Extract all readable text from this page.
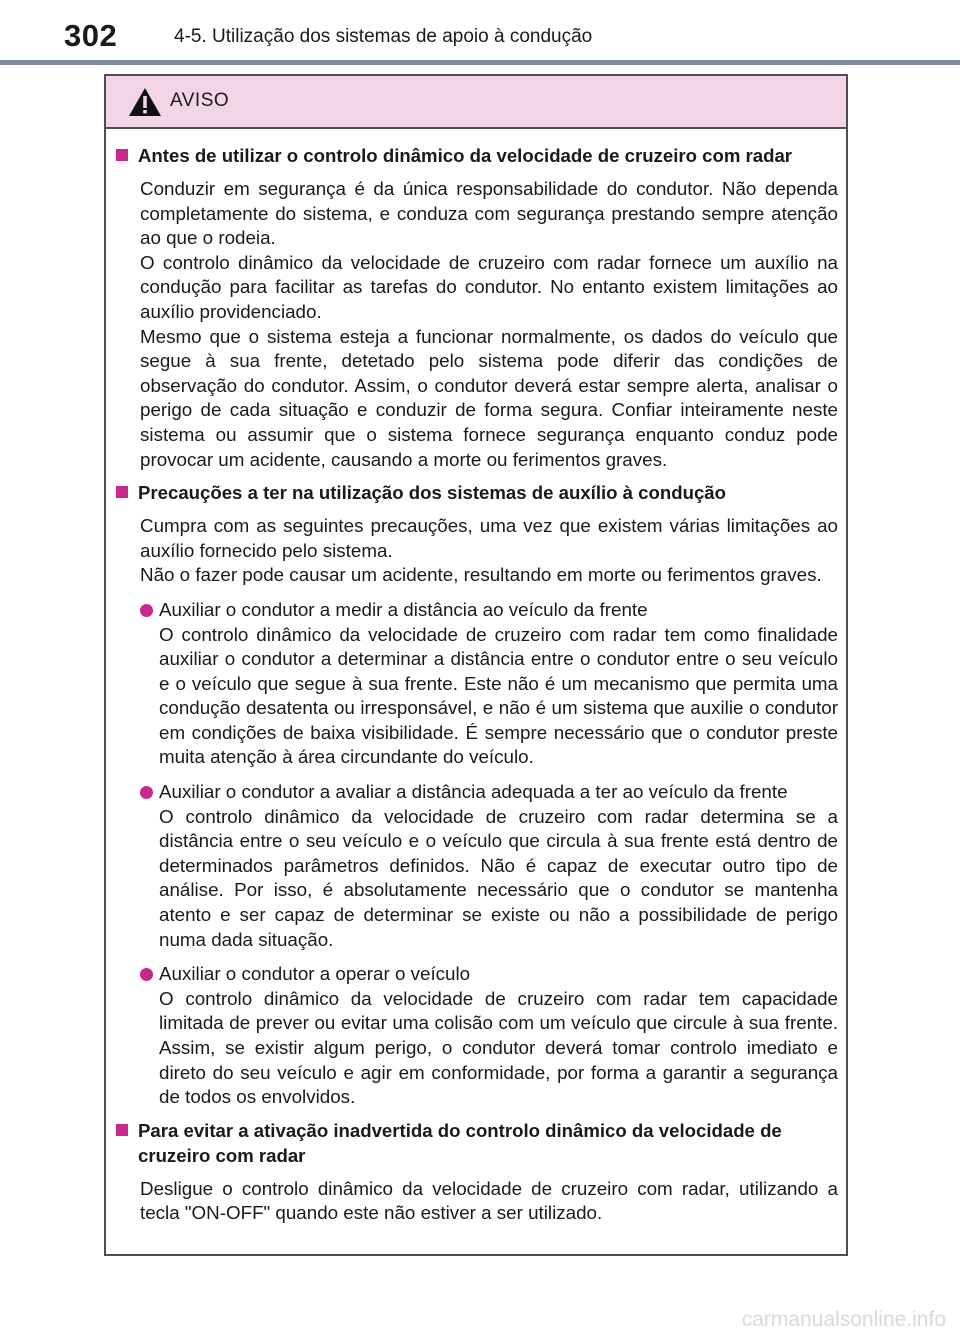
302	4-5. Utilização dos sistemas de apoio à condução
AVISO
Antes de utilizar o controlo dinâmico da velocidade de cruzeiro com radar
Conduzir em segurança é da única responsabilidade do condutor. Não dependa completamente do sistema, e conduza com segurança prestando sempre atenção ao que o rodeia.
O controlo dinâmico da velocidade de cruzeiro com radar fornece um auxílio na condução para facilitar as tarefas do condutor. No entanto existem limitações ao auxílio providenciado.
Mesmo que o sistema esteja a funcionar normalmente, os dados do veículo que segue à sua frente, detetado pelo sistema pode diferir das condições de observação do condutor. Assim, o condutor deverá estar sempre alerta, analisar o perigo de cada situação e conduzir de forma segura. Confiar inteiramente neste sistema ou assumir que o sistema fornece segurança enquanto conduz pode provocar um acidente, causando a morte ou ferimentos graves.
Precauções a ter na utilização dos sistemas de auxílio à condução
Cumpra com as seguintes precauções, uma vez que existem várias limitações ao auxílio fornecido pelo sistema.
Não o fazer pode causar um acidente, resultando em morte ou ferimentos graves.
Auxiliar o condutor a medir a distância ao veículo da frente
O controlo dinâmico da velocidade de cruzeiro com radar tem como finalidade auxiliar o condutor a determinar a distância entre o condutor entre o seu veículo e o veículo que segue à sua frente. Este não é um mecanismo que permita uma condução desatenta ou irresponsável, e não é um sistema que auxilie o condutor em condições de baixa visibilidade. É sempre necessário que o condutor preste muita atenção à área circundante do veículo.
Auxiliar o condutor a avaliar a distância adequada a ter ao veículo da frente
O controlo dinâmico da velocidade de cruzeiro com radar determina se a distância entre o seu veículo e o veículo que circula à sua frente está dentro de determinados parâmetros definidos. Não é capaz de executar outro tipo de análise. Por isso, é absolutamente necessário que o condutor se mantenha atento e ser capaz de determinar se existe ou não a possibilidade de perigo numa dada situação.
Auxiliar o condutor a operar o veículo
O controlo dinâmico da velocidade de cruzeiro com radar tem capacidade limitada de prever ou evitar uma colisão com um veículo que circule à sua frente. Assim, se existir algum perigo, o condutor deverá tomar controlo imediato e direto do seu veículo e agir em conformidade, por forma a garantir a segurança de todos os envolvidos.
Para evitar a ativação inadvertida do controlo dinâmico da velocidade de cruzeiro com radar
Desligue o controlo dinâmico da velocidade de cruzeiro com radar, utilizando a tecla "ON-OFF" quando este não estiver a ser utilizado.
carmanualsonline.info
